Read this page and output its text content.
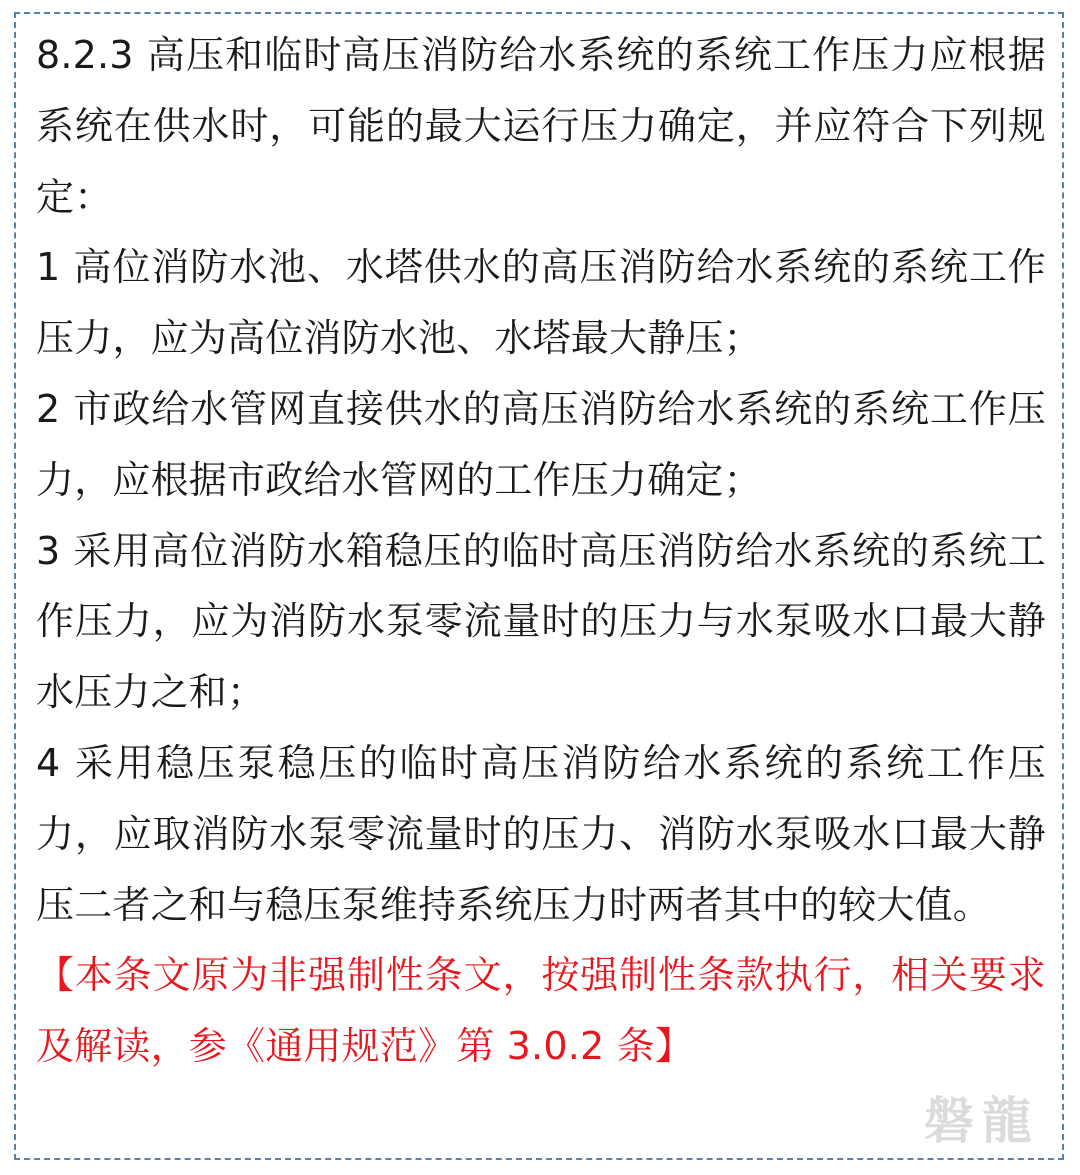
8.2.3 高压和临时高压消防给水系统的系统工作压力应根据系统在供水时，可能的最大运行压力确定，并应符合下列规定：

1 高位消防水池、水塔供水的高压消防给水系统的系统工作压力，应为高位消防水池、水塔最大静压；

2 市政给水管网直接供水的高压消防给水系统的系统工作压力，应根据市政给水管网的工作压力确定；

3 采用高位消防水箱稳压的临时高压消防给水系统的系统工作压力，应为消防水泵零流量时的压力与水泵吸水口最大静水压力之和；

4 采用稳压泵稳压的临时高压消防给水系统的系统工作压力，应取消防水泵零流量时的压力、消防水泵吸水口最大静压二者之和与稳压泵维持系统压力时两者其中的较大值。

【本条文原为非强制性条文，按强制性条款执行，相关要求及解读，参《通用规范》第 3.0.2 条】

磐龍
